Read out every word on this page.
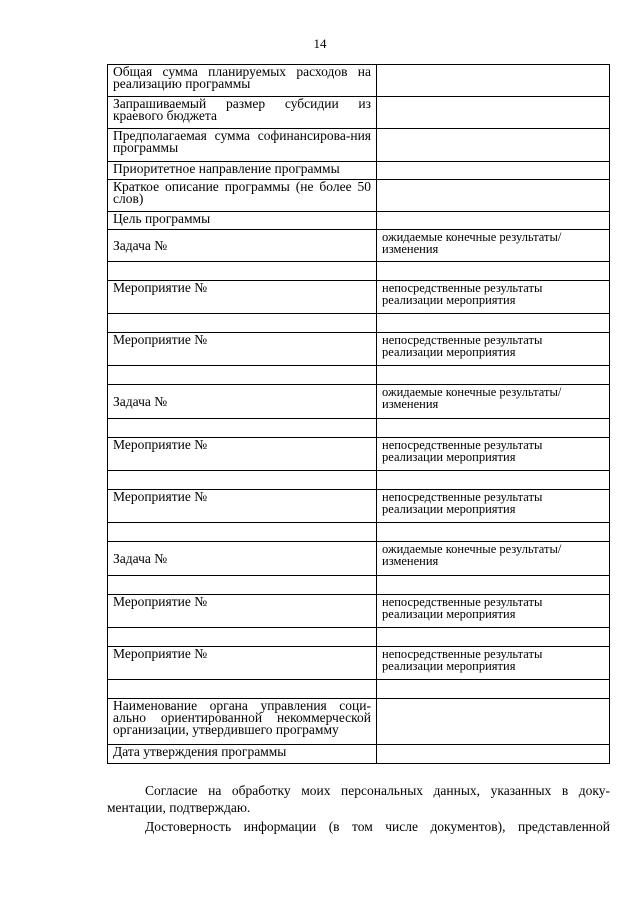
14
Общая сумма планируемых расходов на реализацию программы	
Запрашиваемый размер субсидии из краевого бюджета	
Предполагаемая сумма софинансирова-ния программы	
Приоритетное направление программы	
Краткое описание программы (не более 50 слов)	
Цель программы	
Задача №	ожидаемые конечные результаты/ изменения

Мероприятие №	непосредственные результаты реализации мероприятия

Мероприятие №	непосредственные результаты реализации мероприятия

Задача №	ожидаемые конечные результаты/ изменения

Мероприятие №	непосредственные результаты реализации мероприятия

Мероприятие №	непосредственные результаты реализации мероприятия

Задача №	ожидаемые конечные результаты/ изменения

Мероприятие №	непосредственные результаты реализации мероприятия

Мероприятие №	непосредственные результаты реализации мероприятия

Наименование органа управления соци-ально ориентированной некоммерческой организации, утвердившего программу	
Дата утверждения программы	
Согласие на обработку моих персональных данных, указанных в доку-ментации, подтверждаю.
Достоверность информации (в том числе документов), представленной
